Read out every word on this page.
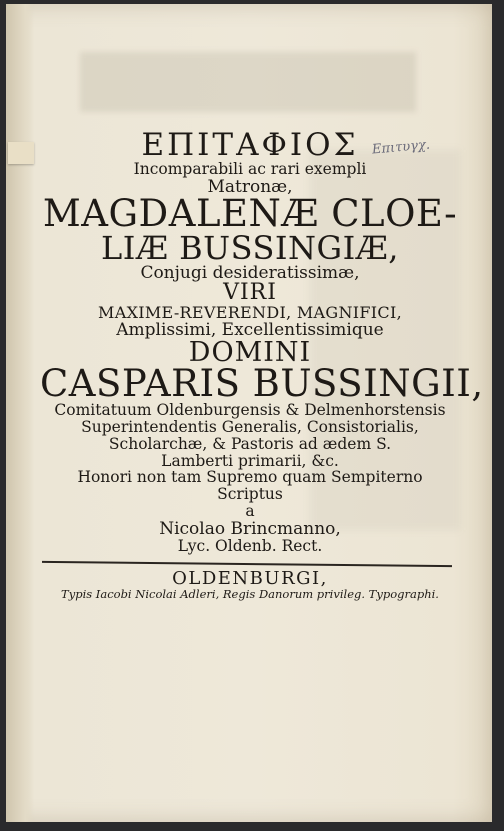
Επιτυγχ.
ΕΠΙΤΑΦΙΟΣ
Incomparabili ac rari exempli
Matronæ,
MAGDALENÆ CLOE-
LIÆ BUSSINGIÆ,
Conjugi desideratissimæ,
VIRI
MAXIME-REVERENDI, MAGNIFICI,
Amplissimi, Excellentissimique
DOMINI
CASPARIS BUSSINGII,
Comitatuum Oldenburgensis & Delmenhorstensis
Superintendentis Generalis, Consistorialis,
Scholarchæ, & Pastoris ad ædem S.
Lamberti primarii, &c.
Honori non tam Supremo quam Sempiterno
Scriptus
a
Nicolao Brincmanno,
Lyc. Oldenb. Rect.
OLDENBURGI,
Typis Iacobi Nicolai Adleri, Regis Danorum privileg. Typographi.
